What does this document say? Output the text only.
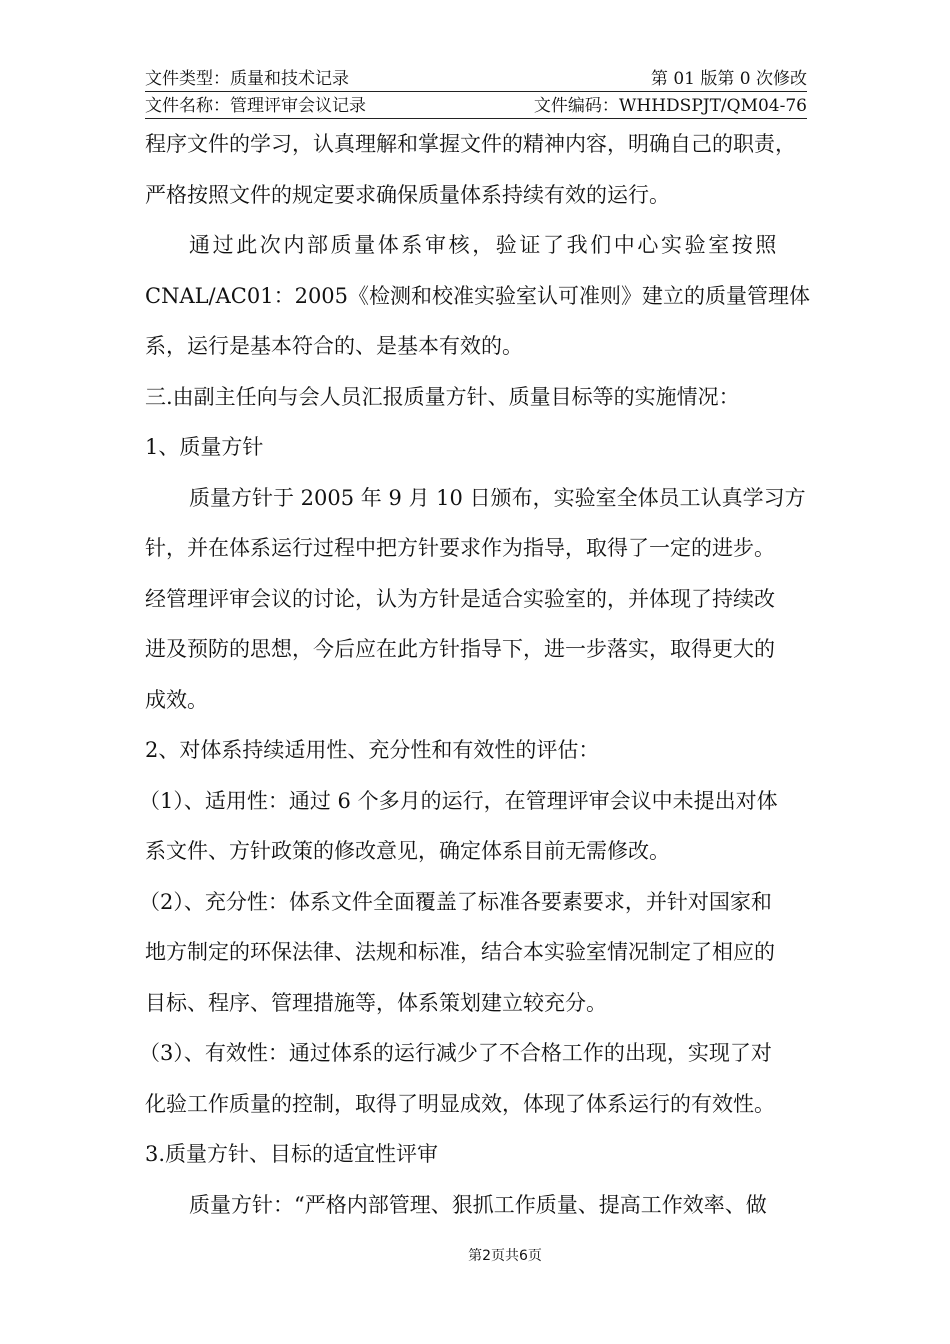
文件类型：质量和技术记录	第 01 版第 0 次修改
文件名称：管理评审会议记录	文件编码：WHHDSPJT/QM04-76
程序文件的学习，认真理解和掌握文件的精神内容，明确自己的职责，
严格按照文件的规定要求确保质量体系持续有效的运行。
通过此次内部质量体系审核，验证了我们中心实验室按照
CNAL/AC01：2005《检测和校准实验室认可准则》建立的质量管理体
系，运行是基本符合的、是基本有效的。
三.由副主任向与会人员汇报质量方针、质量目标等的实施情况：
1、质量方针
质量方针于 2005 年 9 月 10 日颁布，实验室全体员工认真学习方
针，并在体系运行过程中把方针要求作为指导，取得了一定的进步。
经管理评审会议的讨论，认为方针是适合实验室的，并体现了持续改
进及预防的思想，今后应在此方针指导下，进一步落实，取得更大的
成效。
2、对体系持续适用性、充分性和有效性的评估：
（1）、适用性：通过 6 个多月的运行，在管理评审会议中未提出对体
系文件、方针政策的修改意见，确定体系目前无需修改。
（2）、充分性：体系文件全面覆盖了标准各要素要求，并针对国家和
地方制定的环保法律、法规和标准，结合本实验室情况制定了相应的
目标、程序、管理措施等，体系策划建立较充分。
（3）、有效性：通过体系的运行减少了不合格工作的出现，实现了对
化验工作质量的控制，取得了明显成效，体现了体系运行的有效性。
3.质量方针、目标的适宜性评审
质量方针：“严格内部管理、狠抓工作质量、提高工作效率、做
第2页共6页
